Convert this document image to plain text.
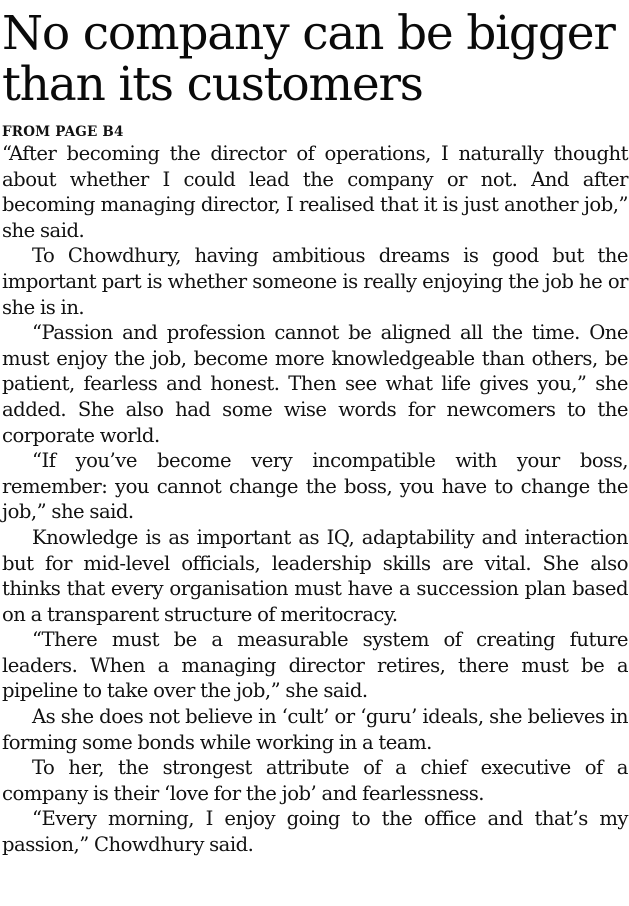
No company can be bigger than its customers
FROM PAGE B4

“After becoming the director of operations, I naturally thought about whether I could lead the company or not. And after becoming managing director, I realised that it is just another job,” she said.

To Chowdhury, having ambitious dreams is good but the important part is whether someone is really enjoying the job he or she is in.

“Passion and profession cannot be aligned all the time. One must enjoy the job, become more knowledgeable than others, be patient, fearless and honest. Then see what life gives you,” she added. She also had some wise words for newcomers to the corporate world.

“If you’ve become very incompatible with your boss, remember: you cannot change the boss, you have to change the job,” she said.

Knowledge is as important as IQ, adaptability and interaction but for mid-level officials, leadership skills are vital. She also thinks that every organisation must have a succession plan based on a transparent structure of meritocracy.

“There must be a measurable system of creating future leaders. When a managing director retires, there must be a pipeline to take over the job,” she said.

As she does not believe in ‘cult’ or ‘guru’ ideals, she believes in forming some bonds while working in a team.

To her, the strongest attribute of a chief executive of a company is their ‘love for the job’ and fearlessness.

“Every morning, I enjoy going to the office and that’s my passion,” Chowdhury said.
